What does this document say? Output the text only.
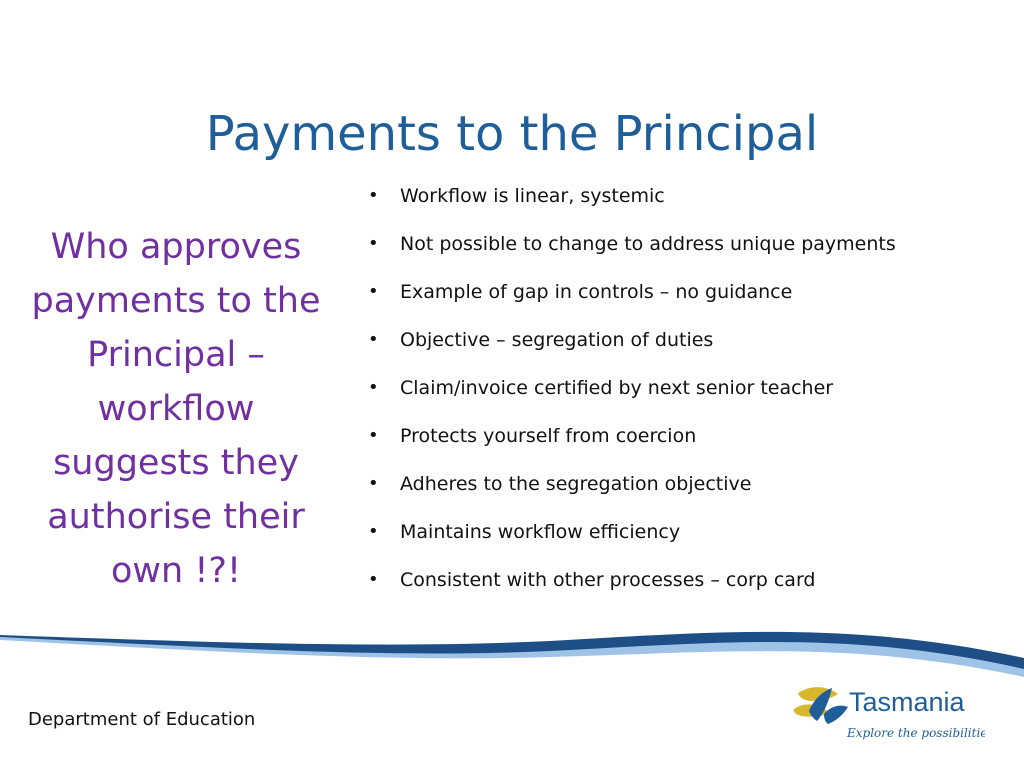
Payments to the Principal

Who approves payments to the Principal – workflow suggests they authorise their own !?!

•	Workflow is linear, systemic
•	Not possible to change to address unique payments
•	Example of gap in controls – no guidance
•	Objective – segregation of duties
•	Claim/invoice certified by next senior teacher
•	Protects yourself from coercion
•	Adheres to the segregation objective
•	Maintains workflow efficiency
•	Consistent with other processes – corp card
Department of Education
Tasmania
Explore the possibilities
